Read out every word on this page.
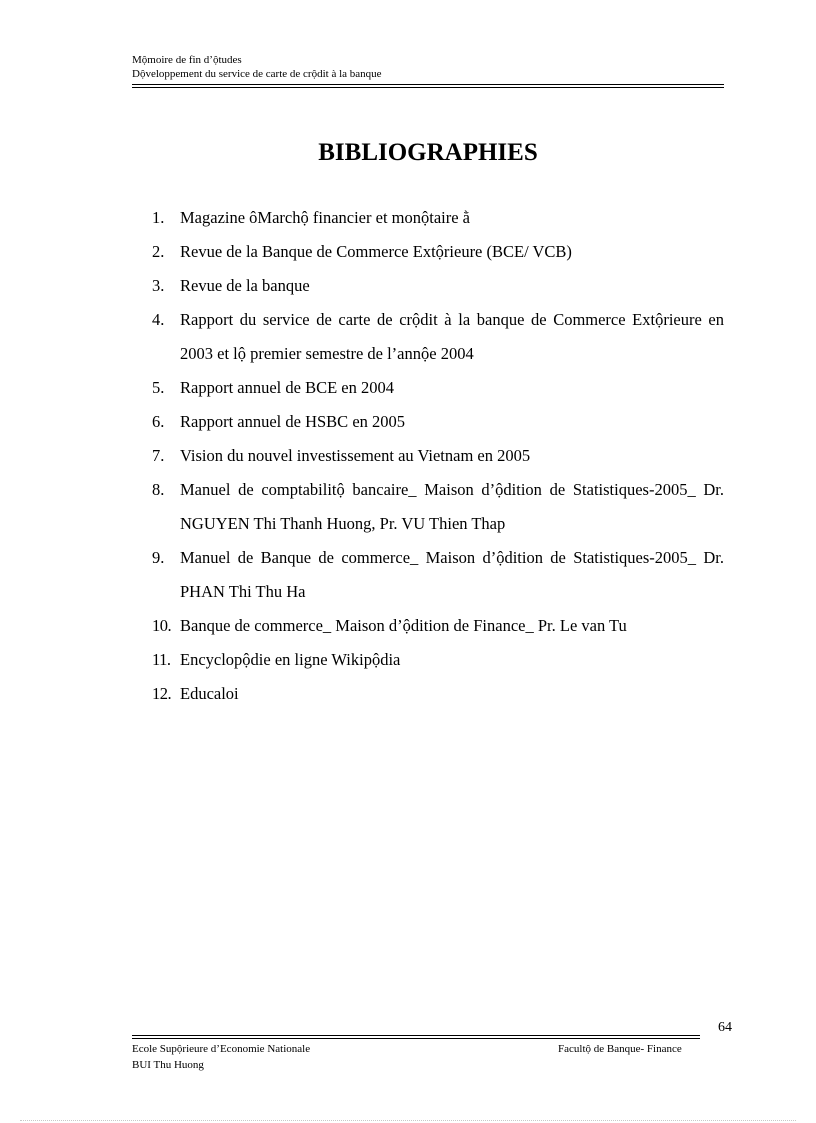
Mộmoire de fin d’ộtudes
Dộveloppement du service de carte de crộdit à la banque
BIBLIOGRAPHIES
1. Magazine ôMarchộ financier et monộtaire ằ
2. Revue de la Banque de Commerce Extộrieure (BCE/ VCB)
3. Revue de la banque
4. Rapport du service de carte de crộdit à la banque de Commerce Extộrieure en 2003 et lộ premier semestre de l’annộe 2004
5. Rapport annuel de BCE en 2004
6. Rapport annuel de HSBC en 2005
7. Vision du nouvel investissement au Vietnam en 2005
8. Manuel de comptabilitộ bancaire_ Maison d’ộdition de Statistiques-2005_ Dr. NGUYEN Thi Thanh Huong, Pr. VU Thien Thap
9. Manuel de Banque de commerce_ Maison d’ộdition de Statistiques-2005_ Dr. PHAN Thi Thu Ha
10. Banque de commerce_ Maison d’ộdition de Finance_ Pr. Le van Tu
11. Encyclopộdie en ligne Wikipộdia
12. Educaloi
64
Ecole Supộrieure d’Economie Nationale
BUI Thu Huong
Facultộ de Banque- Finance
